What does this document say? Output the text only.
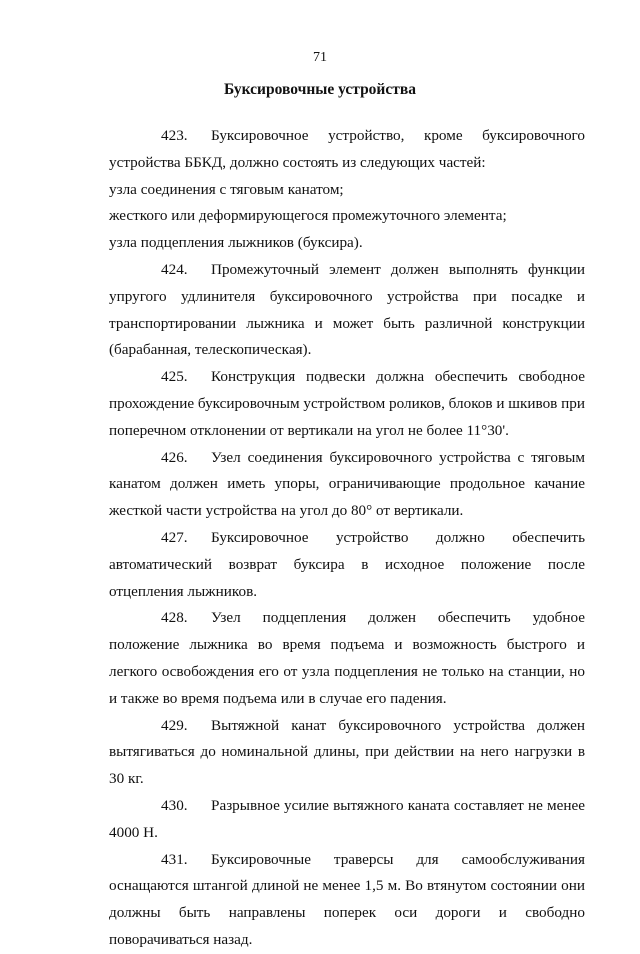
71
Буксировочные устройства

423. Буксировочное устройство, кроме буксировочного устройства ББКД, должно состоять из следующих частей:

узла соединения с тяговым канатом;

жесткого или деформирующегося промежуточного элемента;

узла подцепления лыжников (буксира).

424. Промежуточный элемент должен выполнять функции упругого удлинителя буксировочного устройства при посадке и транспортировании лыжника и может быть различной конструкции (барабанная, телескопическая).

425. Конструкция подвески должна обеспечить свободное прохождение буксировочным устройством роликов, блоков и шкивов при поперечном отклонении от вертикали на угол не более 11°30'.

426. Узел соединения буксировочного устройства с тяговым канатом должен иметь упоры, ограничивающие продольное качание жесткой части устройства на угол до 80° от вертикали.

427. Буксировочное устройство должно обеспечить автоматический возврат буксира в исходное положение после отцепления лыжников.

428. Узел подцепления должен обеспечить удобное положение лыжника во время подъема и возможность быстрого и легкого освобождения его от узла подцепления не только на станции, но и также во время подъема или в случае его падения.

429. Вытяжной канат буксировочного устройства должен вытягиваться до номинальной длины, при действии на него нагрузки в 30 кг.

430. Разрывное усилие вытяжного каната составляет не менее 4000 Н.

431. Буксировочные траверсы для самообслуживания оснащаются штангой длиной не менее 1,5 м. Во втянутом состоянии они должны быть направлены поперек оси дороги и свободно поворачиваться назад.
